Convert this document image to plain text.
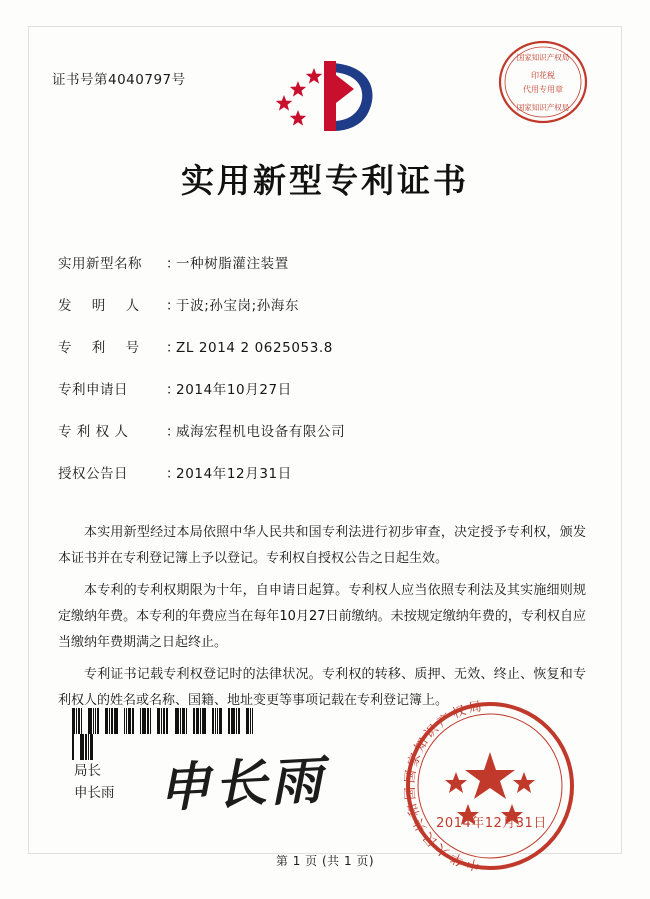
证书号第4040797号
国家知识产权局
印花税
代用专用章
国家知识产权局
实用新型专利证书
实用新型名称	：
一种树脂灌注装置
发 明 人	：
于波;孙宝岗;孙海东
专 利 号	：
ZL 2014 2 0625053.8
专利申请日	：
2014年10月27日
专 利 权 人	：
威海宏程机电设备有限公司
授权公告日	：
2014年12月31日

本实用新型经过本局依照中华人民共和国专利法进行初步审查，决定授予专利权，颁发本证书并在专利登记簿上予以登记。专利权自授权公告之日起生效。

本专利的专利权期限为十年，自申请日起算。专利权人应当依照专利法及其实施细则规定缴纳年费。本专利的年费应当在每年10月27日前缴纳。未按规定缴纳年费的，专利权自应当缴纳年费期满之日起终止。

专利证书记载专利权登记时的法律状况。专利权的转移、质押、无效、终止、恢复和专利权人的姓名或名称、国籍、地址变更等事项记载在专利登记簿上。

局长
申长雨 申长雨
中华人民共和国国家知识产权局
2014年12月31日
第 1 页 (共 1 页)
